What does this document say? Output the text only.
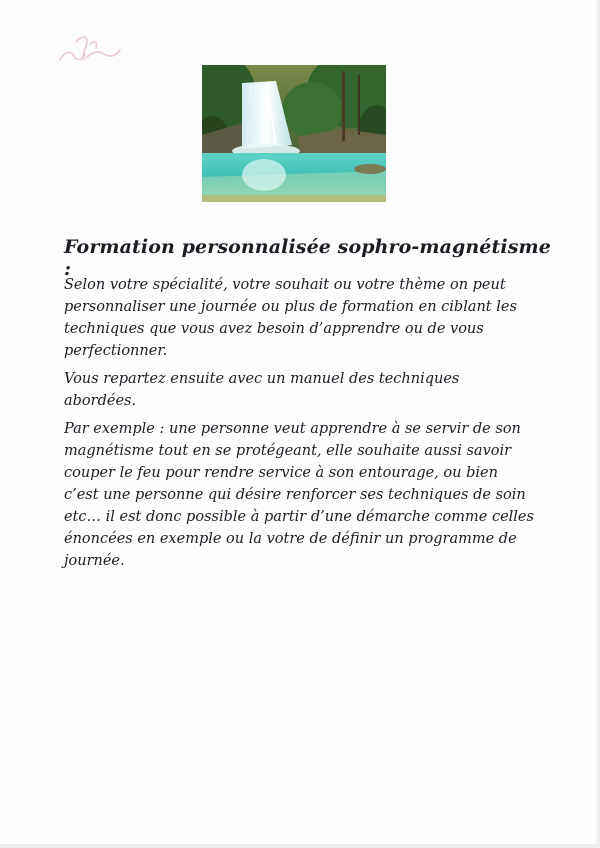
Formation personnalisée sophro-magnétisme :

Selon votre spécialité, votre souhait ou votre thème on peut personnaliser une journée ou plus de formation en ciblant les techniques que vous avez besoin d’apprendre ou de vous perfectionner.

Vous repartez ensuite avec un manuel des techniques abordées.

Par exemple : une personne veut apprendre à se servir de son magnétisme tout en se protégeant, elle souhaite aussi savoir couper le feu pour rendre service à son entourage, ou bien c’est une personne qui désire renforcer ses techniques de soin etc… il est donc possible à partir d’une démarche comme celles énoncées en exemple ou la votre de définir un programme de journée.
